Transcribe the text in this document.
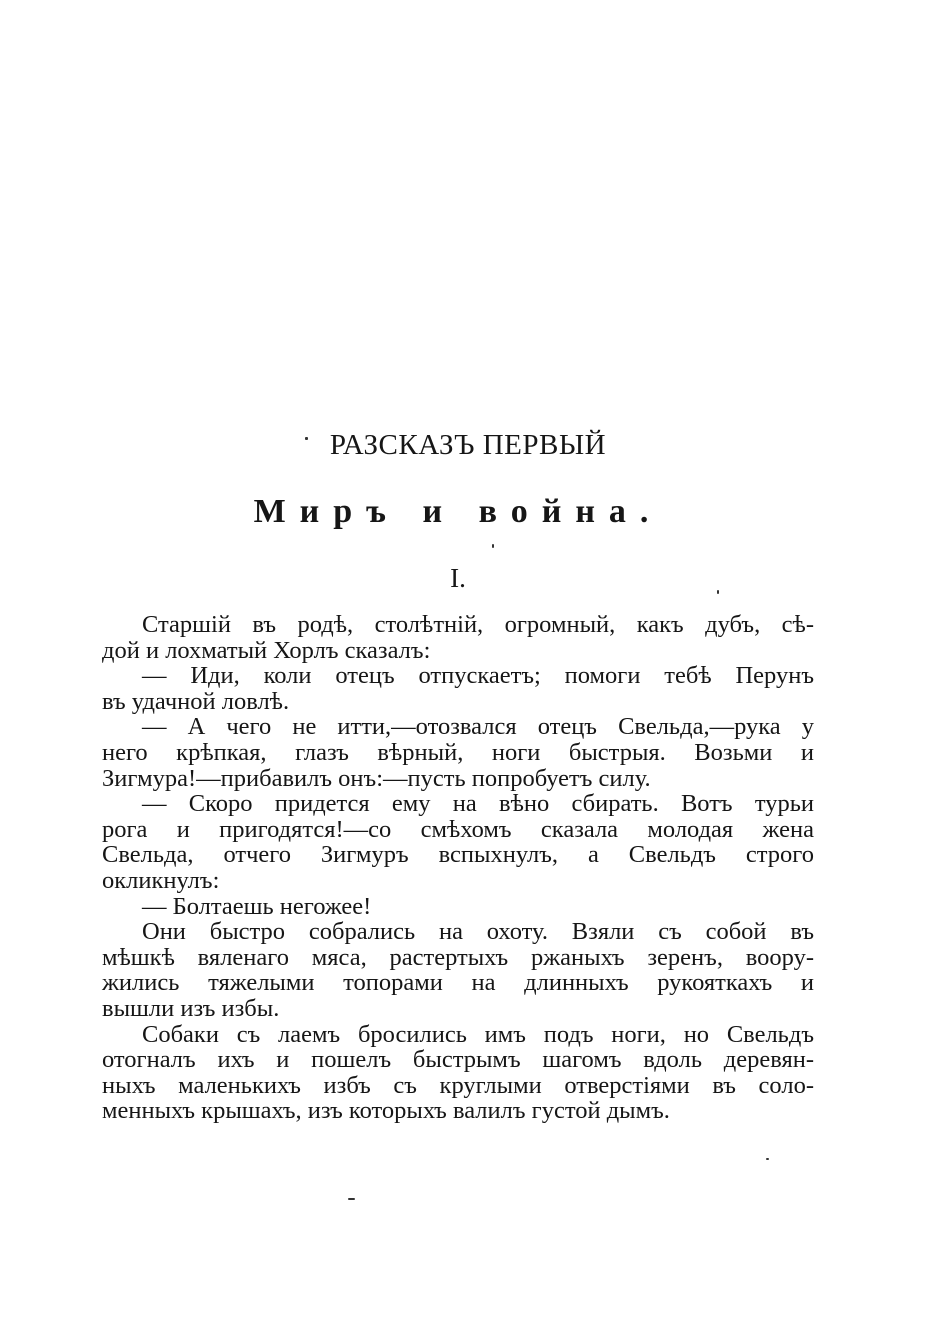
РАЗСКАЗЪ ПЕРВЫЙ
Миръ и война.
I.
Старшiй въ родѣ, столѣтнiй, огромный, какъ дубъ, сѣ-
дой и лохматый Хорлъ сказалъ:
— Иди, коли отецъ отпускаетъ; помоги тебѣ Перунъ
въ удачной ловлѣ.
— А чего не итти,—отозвался отецъ Свельда,—рука у
него крѣпкая, глазъ вѣрный, ноги быстрыя. Возьми и
Зигмура!—прибавилъ онъ:—пусть попробуетъ силу.
— Скоро придется ему на вѣно сбирать. Вотъ турьи
рога и пригодятся!—со смѣхомъ сказала молодая жена
Свельда, отчего Зигмуръ вспыхнулъ, а Свельдъ строго
окликнулъ:
— Болтаешь негожее!
Они быстро собрались на охоту. Взяли съ собой въ
мѣшкѣ вяленаго мяса, растертыхъ ржаныхъ зеренъ, воору-
жились тяжелыми топорами на длинныхъ рукояткахъ и
вышли изъ избы.
Собаки съ лаемъ бросились имъ подъ ноги, но Свельдъ
отогналъ ихъ и пошелъ быстрымъ шагомъ вдоль деревян-
ныхъ маленькихъ избъ съ круглыми отверстiями въ соло-
менныхъ крышахъ, изъ которыхъ валилъ густой дымъ.
